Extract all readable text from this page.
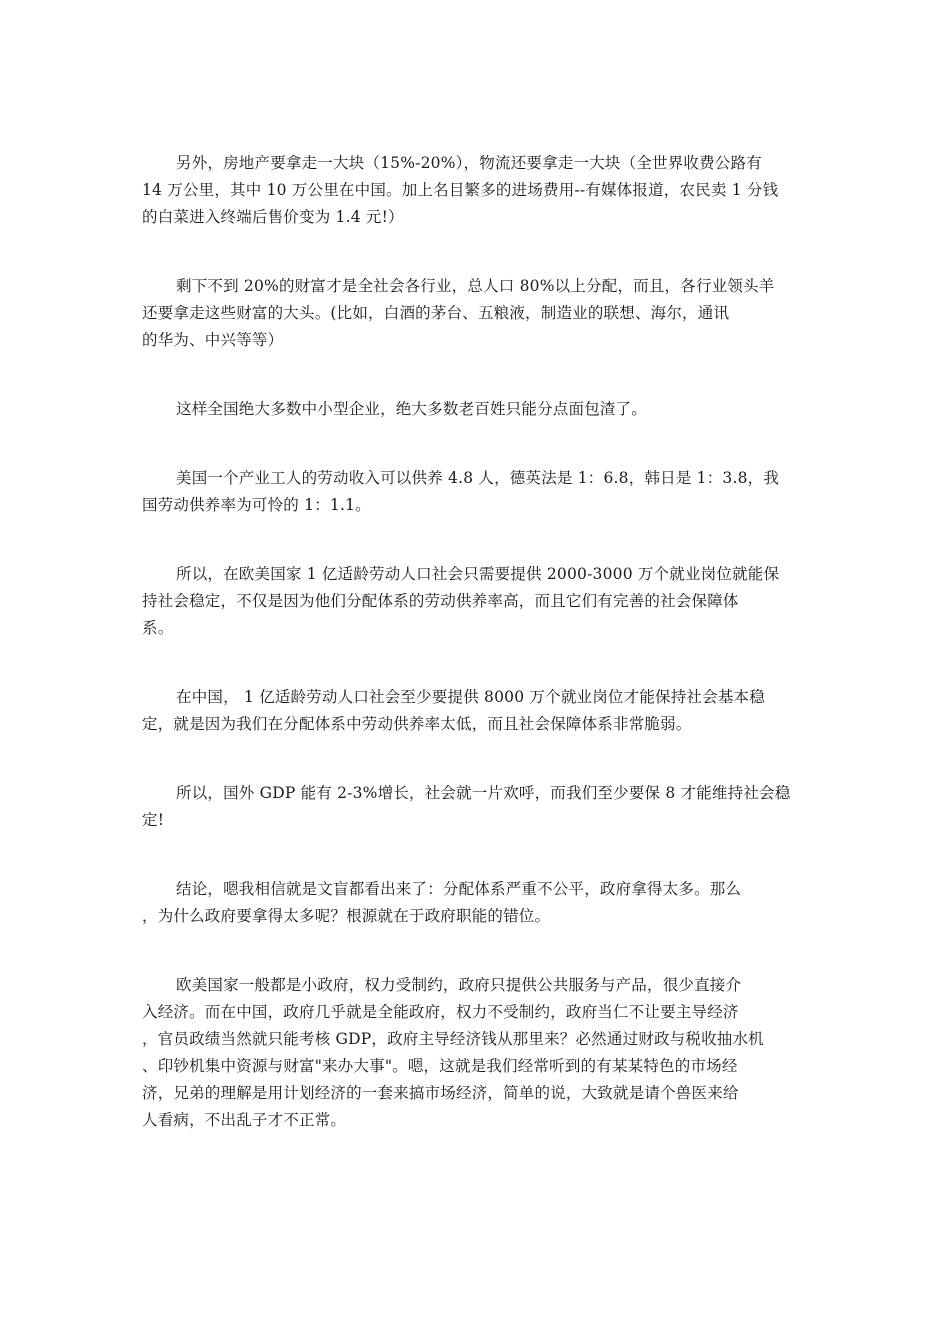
另外，房地产要拿走一大块（15%-20%），物流还要拿走一大块（全世界收费公路有
14 万公里，其中 10 万公里在中国。加上名目繁多的进场费用--有媒体报道，农民卖 1 分钱
的白菜进入终端后售价变为 1.4 元!）
剩下不到 20%的财富才是全社会各行业，总人口 80%以上分配，而且，各行业领头羊
还要拿走这些财富的大头。(比如，白酒的茅台、五粮液，制造业的联想、海尔，通讯
的华为、中兴等等）
这样全国绝大多数中小型企业，绝大多数老百姓只能分点面包渣了。
美国一个产业工人的劳动收入可以供养 4.8 人，德英法是 1：6.8，韩日是 1：3.8，我
国劳动供养率为可怜的 1：1.1。
所以，在欧美国家 1 亿适龄劳动人口社会只需要提供 2000-3000 万个就业岗位就能保
持社会稳定，不仅是因为他们分配体系的劳动供养率高，而且它们有完善的社会保障体
系。
在中国， 1 亿适龄劳动人口社会至少要提供 8000 万个就业岗位才能保持社会基本稳
定，就是因为我们在分配体系中劳动供养率太低，而且社会保障体系非常脆弱。
所以，国外 GDP 能有 2-3%增长，社会就一片欢呼，而我们至少要保 8 才能维持社会稳
定!
结论，嗯我相信就是文盲都看出来了：分配体系严重不公平，政府拿得太多。那么
，为什么政府要拿得太多呢？根源就在于政府职能的错位。
欧美国家一般都是小政府，权力受制约，政府只提供公共服务与产品，很少直接介
入经济。而在中国，政府几乎就是全能政府，权力不受制约，政府当仁不让要主导经济
，官员政绩当然就只能考核 GDP，政府主导经济钱从那里来？必然通过财政与税收抽水机
、印钞机集中资源与财富"来办大事"。嗯，这就是我们经常听到的有某某特色的市场经
济，兄弟的理解是用计划经济的一套来搞市场经济，简单的说，大致就是请个兽医来给
人看病，不出乱子才不正常。
